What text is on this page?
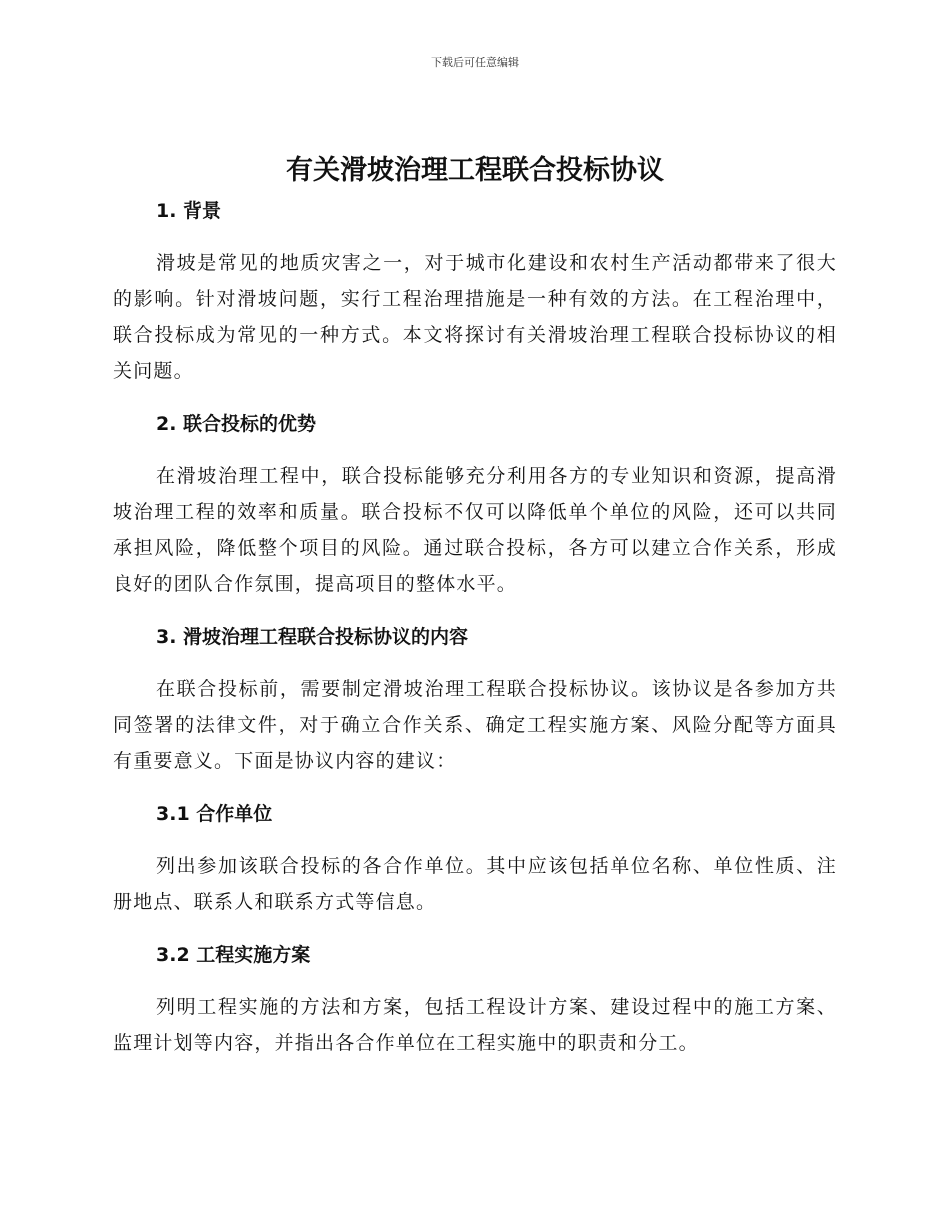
下载后可任意编辑
有关滑坡治理工程联合投标协议
1. 背景

滑坡是常见的地质灾害之一，对于城市化建设和农村生产活动都带来了很大的影响。针对滑坡问题，实行工程治理措施是一种有效的方法。在工程治理中，联合投标成为常见的一种方式。本文将探讨有关滑坡治理工程联合投标协议的相关问题。

2. 联合投标的优势

在滑坡治理工程中，联合投标能够充分利用各方的专业知识和资源，提高滑坡治理工程的效率和质量。联合投标不仅可以降低单个单位的风险，还可以共同承担风险，降低整个项目的风险。通过联合投标，各方可以建立合作关系，形成良好的团队合作氛围，提高项目的整体水平。

3. 滑坡治理工程联合投标协议的内容

在联合投标前，需要制定滑坡治理工程联合投标协议。该协议是各参加方共同签署的法律文件，对于确立合作关系、确定工程实施方案、风险分配等方面具有重要意义。下面是协议内容的建议：

3.1 合作单位

列出参加该联合投标的各合作单位。其中应该包括单位名称、单位性质、注册地点、联系人和联系方式等信息。

3.2 工程实施方案

列明工程实施的方法和方案，包括工程设计方案、建设过程中的施工方案、监理计划等内容，并指出各合作单位在工程实施中的职责和分工。
